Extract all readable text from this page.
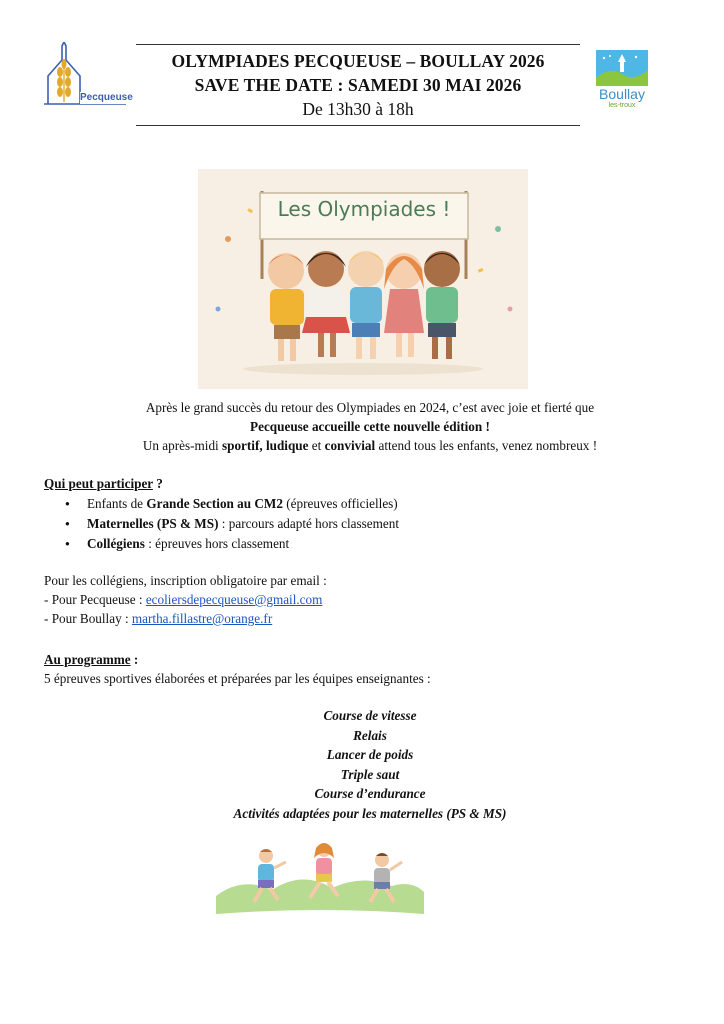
Pecqueuse
OLYMPIADES PECQUEUSE – BOULLAY 2026
SAVE THE DATE : SAMEDI 30 MAI 2026
De 13h30 à 18h
Boullay
les-troux
Les Olympiades !
Après le grand succès du retour des Olympiades en 2024, c’est avec joie et fierté que
Pecqueuse accueille cette nouvelle édition !
Un après-midi sportif, ludique et convivial attend tous les enfants, venez nombreux !
Qui peut participer ?
● Enfants de Grande Section au CM2 (épreuves officielles)
● Maternelles (PS & MS) : parcours adapté hors classement
● Collégiens : épreuves hors classement
Pour les collégiens, inscription obligatoire par email :
- Pour Pecqueuse : ecoliersdepecqueuse@gmail.com
- Pour Boullay : martha.fillastre@orange.fr
Au programme :
5 épreuves sportives élaborées et préparées par les équipes enseignantes :
Course de vitesse
Relais
Lancer de poids
Triple saut
Course d’endurance
Activités adaptées pour les maternelles (PS & MS)
